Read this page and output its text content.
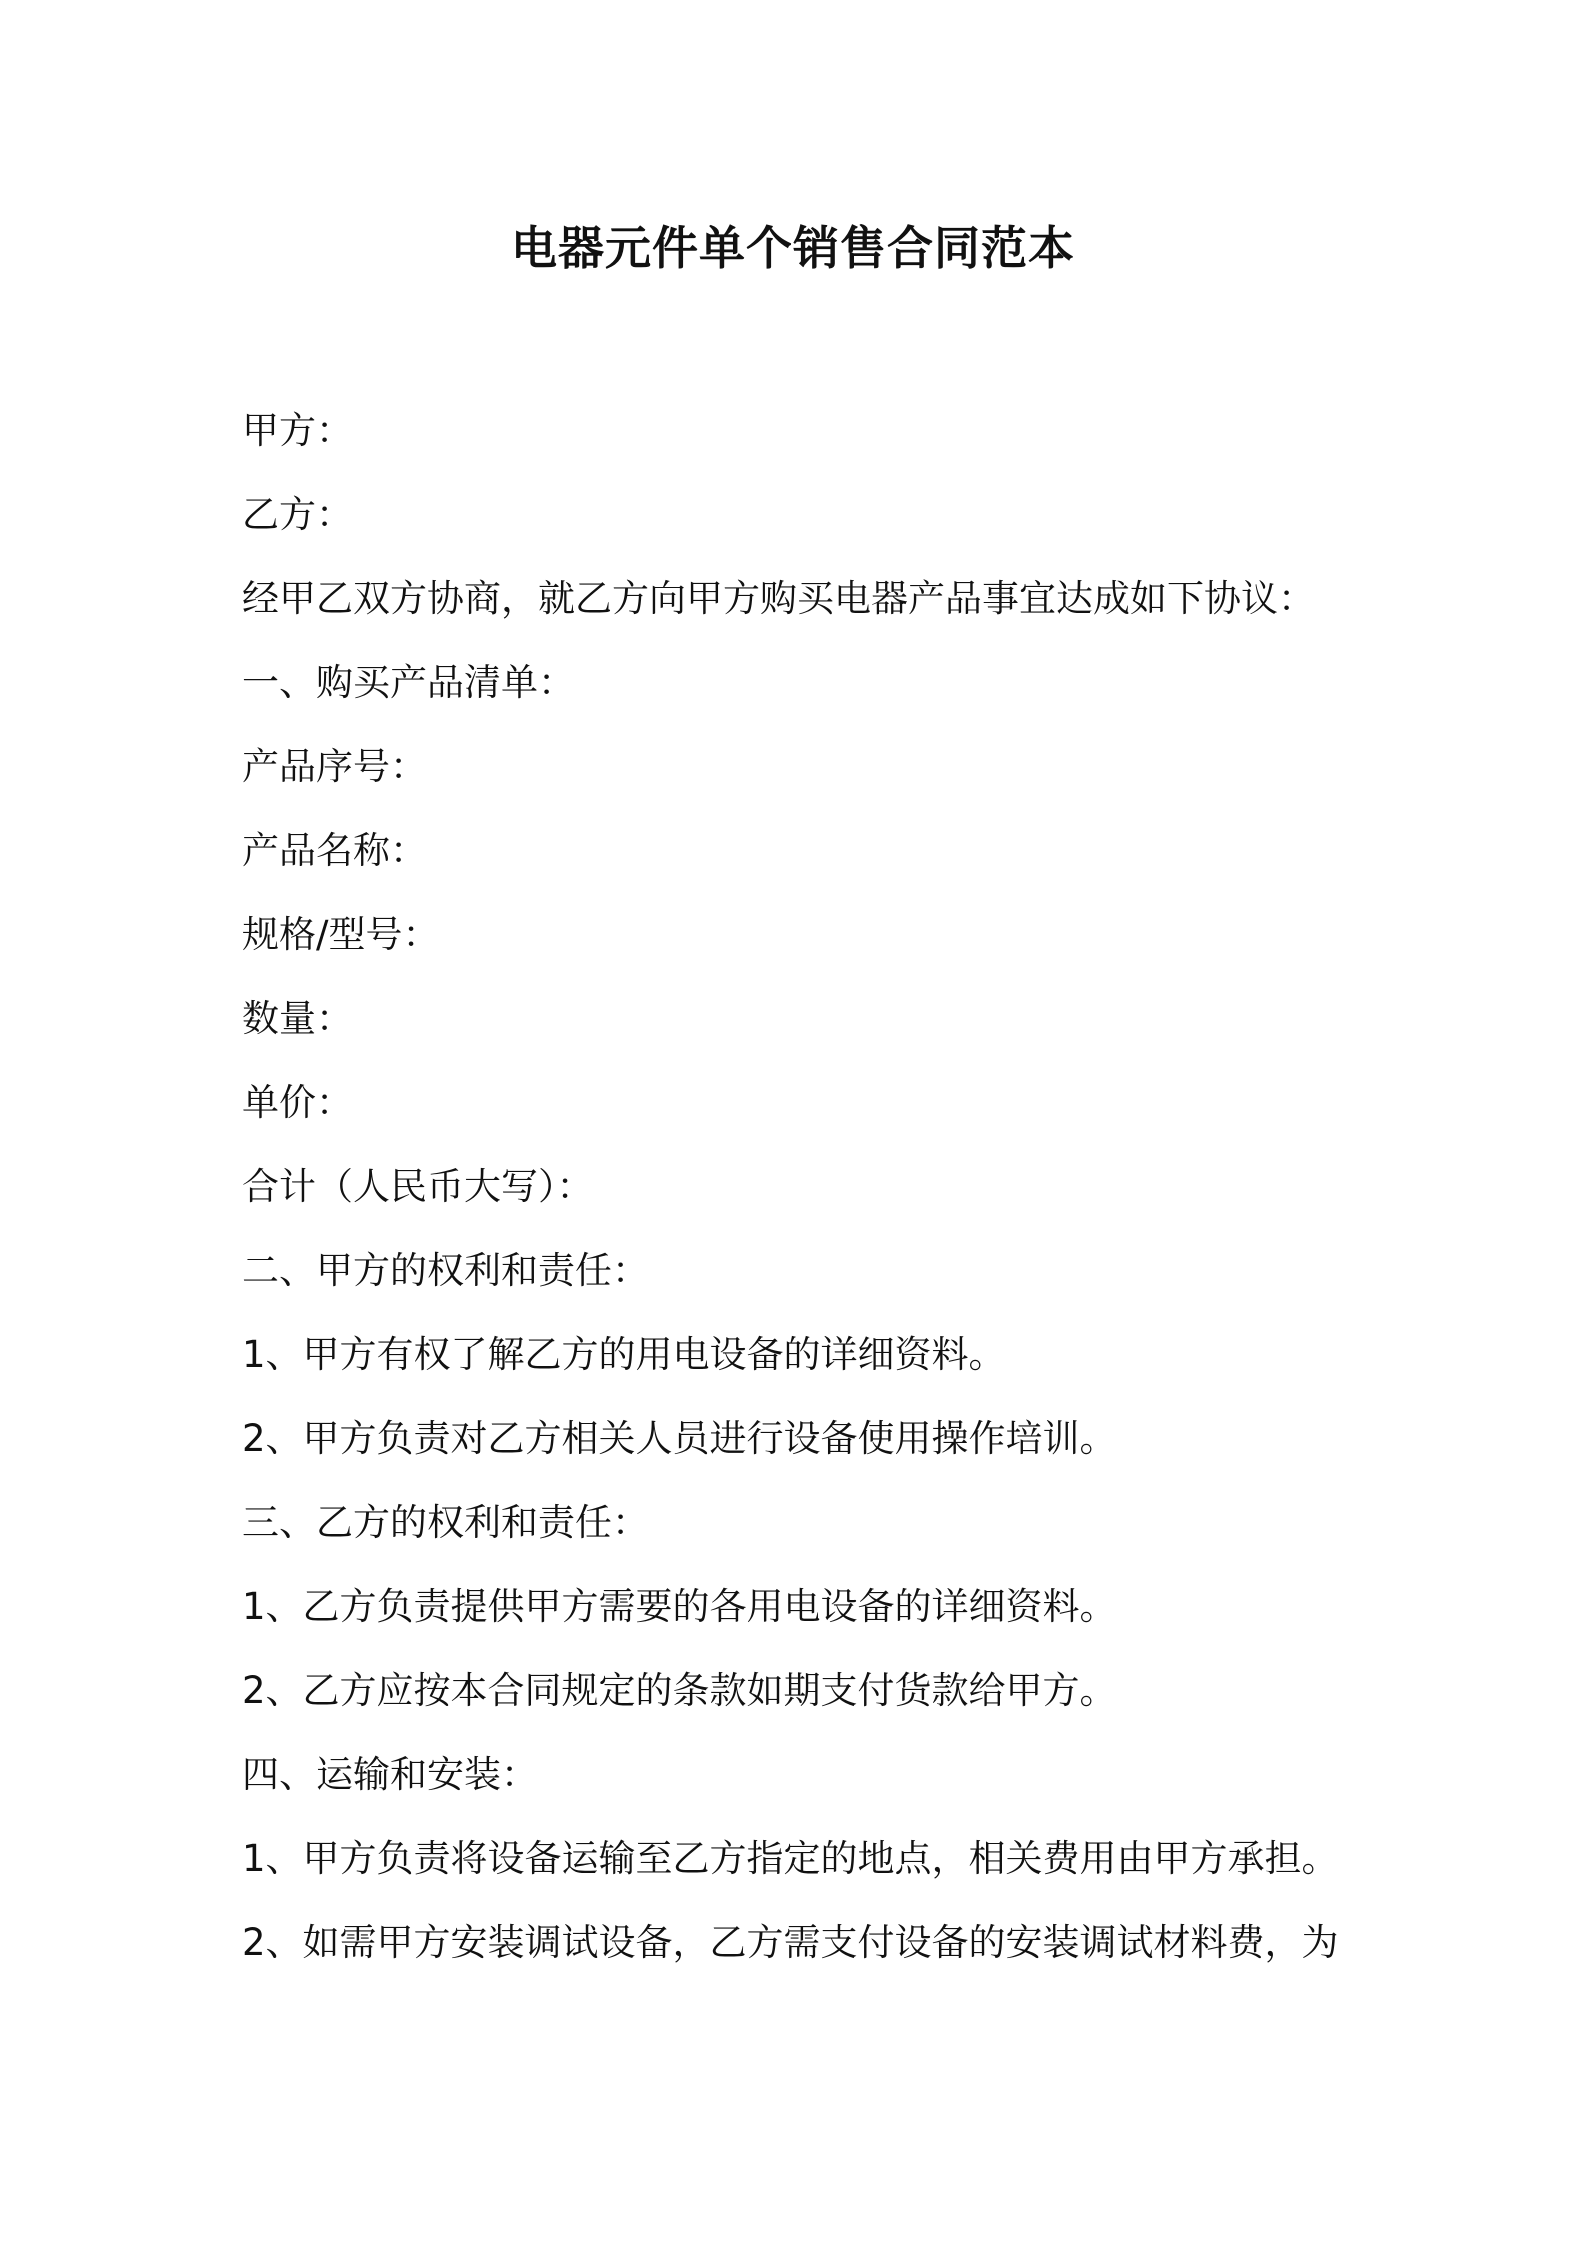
电器元件单个销售合同范本
甲方：
乙方：
经甲乙双方协商，就乙方向甲方购买电器产品事宜达成如下协议：
一、购买产品清单：
产品序号：
产品名称：
规格/型号：
数量：
单价：
合计（人民币大写）：
二、甲方的权利和责任：
1、甲方有权了解乙方的用电设备的详细资料。
2、甲方负责对乙方相关人员进行设备使用操作培训。
三、乙方的权利和责任：
1、乙方负责提供甲方需要的各用电设备的详细资料。
2、乙方应按本合同规定的条款如期支付货款给甲方。
四、运输和安装：
1、甲方负责将设备运输至乙方指定的地点，相关费用由甲方承担。
2、如需甲方安装调试设备，乙方需支付设备的安装调试材料费，为
